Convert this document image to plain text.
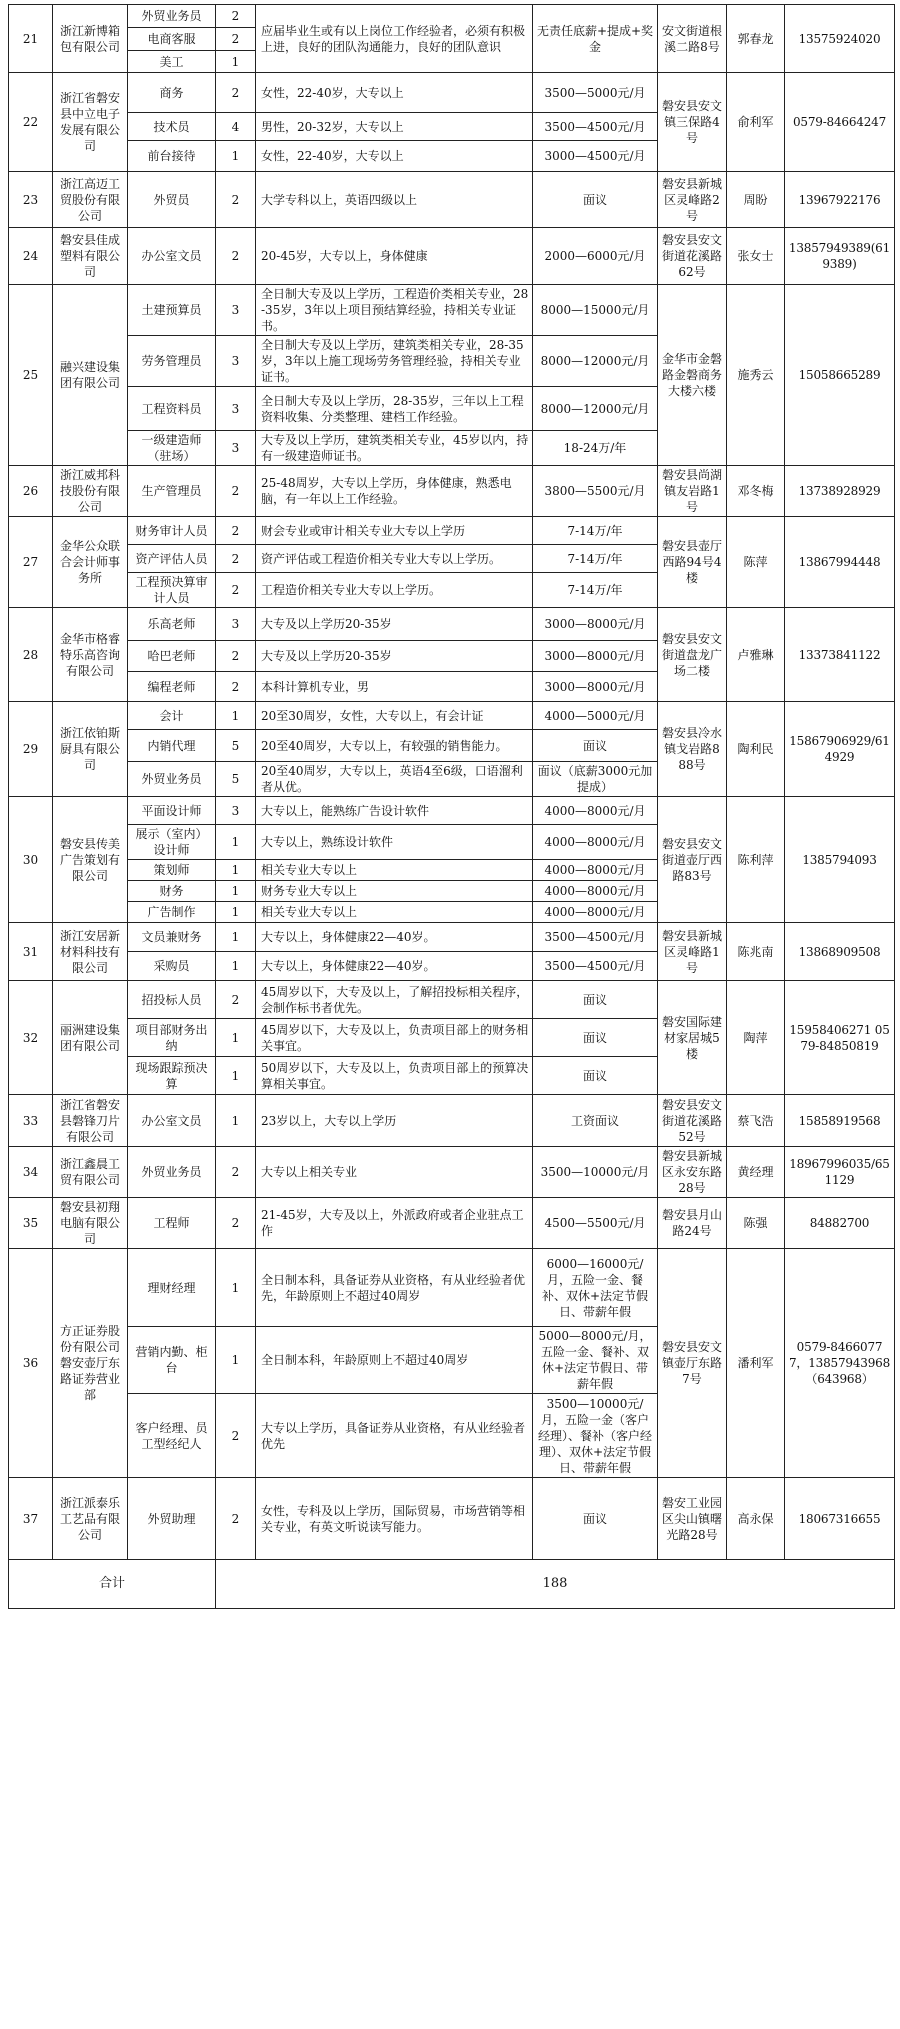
21	浙江新博箱包有限公司	外贸业务员	2	应届毕业生或有以上岗位工作经验者，必须有积极上进，良好的团队沟通能力，良好的团队意识	无责任底薪+提成+奖金	安文街道根溪二路8号	郭春龙	13575924020
		电商客服	2					
		美工	1					
22	浙江省磐安县中立电子发展有限公司	商务	2	女性，22-40岁，大专以上	3500—5000元/月	磐安县安文镇三保路4号	俞利军	0579-84664247
		技术员	4	男性，20-32岁，大专以上	3500—4500元/月			
		前台接待	1	女性，22-40岁，大专以上	3000—4500元/月			
23	浙江高迈工贸股份有限公司	外贸员	2	大学专科以上，英语四级以上	面议	磐安县新城区灵峰路2号	周盼	13967922176
24	磐安县佳成塑料有限公司	办公室文员	2	20-45岁，大专以上，身体健康	2000—6000元/月	磐安县安文街道花溪路62号	张女士	13857949389(619389)
25	融兴建设集团有限公司	土建预算员	3	全日制大专及以上学历，工程造价类相关专业，28-35岁，3年以上项目预结算经验，持相关专业证书。	8000—15000元/月	金华市金磐路金磐商务大楼六楼	施秀云	15058665289
		劳务管理员	3	全日制大专及以上学历，建筑类相关专业，28-35岁，3年以上施工现场劳务管理经验，持相关专业证书。	8000—12000元/月			
		工程资料员	3	全日制大专及以上学历，28-35岁，三年以上工程资料收集、分类整理、建档工作经验。	8000—12000元/月			
		一级建造师（驻场）	3	大专及以上学历，建筑类相关专业，45岁以内，持有一级建造师证书。	18-24万/年			
26	浙江威邦科技股份有限公司	生产管理员	2	25-48周岁，大专以上学历，身体健康，熟悉电脑，有一年以上工作经验。	3800—5500元/月	磐安县尚湖镇友岩路1号	邓冬梅	13738928929
27	金华公众联合会计师事务所	财务审计人员	2	财会专业或审计相关专业大专以上学历	7-14万/年	磐安县壶厅西路94号4楼	陈萍	13867994448
		资产评估人员	2	资产评估或工程造价相关专业大专以上学历。	7-14万/年			
		工程预决算审计人员	2	工程造价相关专业大专以上学历。	7-14万/年			
28	金华市格睿特乐高咨询有限公司	乐高老师	3	大专及以上学历20-35岁	3000—8000元/月	磐安县安文街道盘龙广场二楼	卢雅琳	13373841122
		哈巴老师	2	大专及以上学历20-35岁	3000—8000元/月			
		编程老师	2	本科计算机专业，男	3000—8000元/月			
29	浙江依铂斯厨具有限公司	会计	1	20至30周岁，女性，大专以上，有会计证	4000—5000元/月	磐安县冷水镇戈岩路888号	陶利民	15867906929/614929
		内销代理	5	20至40周岁，大专以上，有较强的销售能力。	面议			
		外贸业务员	5	20至40周岁，大专以上，英语4至6级，口语溜利者从优。	面议（底薪3000元加提成）			
30	磐安县传美广告策划有限公司	平面设计师	3	大专以上，能熟练广告设计软件	4000—8000元/月	磐安县安文街道壶厅西路83号	陈利萍	1385794093
		展示（室内）设计师	1	大专以上，熟练设计软件	4000—8000元/月			
		策划师	1	相关专业大专以上	4000—8000元/月			
		财务	1	财务专业大专以上	4000—8000元/月			
		广告制作	1	相关专业大专以上	4000—8000元/月			
31	浙江安居新材料科技有限公司	文员兼财务	1	大专以上，身体健康22—40岁。	3500—4500元/月	磐安县新城区灵峰路1号	陈兆南	13868909508
		采购员	1	大专以上，身体健康22—40岁。	3500—4500元/月			
32	丽洲建设集团有限公司	招投标人员	2	45周岁以下，大专及以上，了解招投标相关程序，会制作标书者优先。	面议	磐安国际建材家居城5楼	陶萍	15958406271 0579-84850819
		项目部财务出纳	1	45周岁以下，大专及以上，负责项目部上的财务相关事宜。	面议			
		现场跟踪预决算	1	50周岁以下，大专及以上，负责项目部上的预算决算相关事宜。	面议			
33	浙江省磐安县磐锋刀片有限公司	办公室文员	1	23岁以上，大专以上学历	工资面议	磐安县安文街道花溪路52号	蔡飞浩	15858919568
34	浙江鑫晨工贸有限公司	外贸业务员	2	大专以上相关专业	3500—10000元/月	磐安县新城区永安东路28号	黄经理	18967996035/651129
35	磐安县初翔电脑有限公司	工程师	2	21-45岁，大专及以上，外派政府或者企业驻点工作	4500—5500元/月	磐安县月山路24号	陈强	84882700
36	方正证券股份有限公司磐安壶厅东路证券营业部	理财经理	1	全日制本科，具备证券从业资格，有从业经验者优先，年龄原则上不超过40周岁	6000—16000元/月，五险一金、餐补、双休+法定节假日、带薪年假	磐安县安文镇壶厅东路7号	潘利军	0579-84660777，13857943968（643968）
		营销内勤、柜台	1	全日制本科，年龄原则上不超过40周岁	5000—8000元/月，五险一金、餐补、双休+法定节假日、带薪年假			
		客户经理、员工型经纪人	2	大专以上学历，具备证券从业资格，有从业经验者优先	3500—10000元/月，五险一金（客户经理）、餐补（客户经理）、双休+法定节假日、带薪年假			
37	浙江派泰乐工艺品有限公司	外贸助理	2	女性，专科及以上学历，国际贸易，市场营销等相关专业，有英文听说读写能力。	面议	磐安工业园区尖山镇曙光路28号	高永保	18067316655
合计			188					
